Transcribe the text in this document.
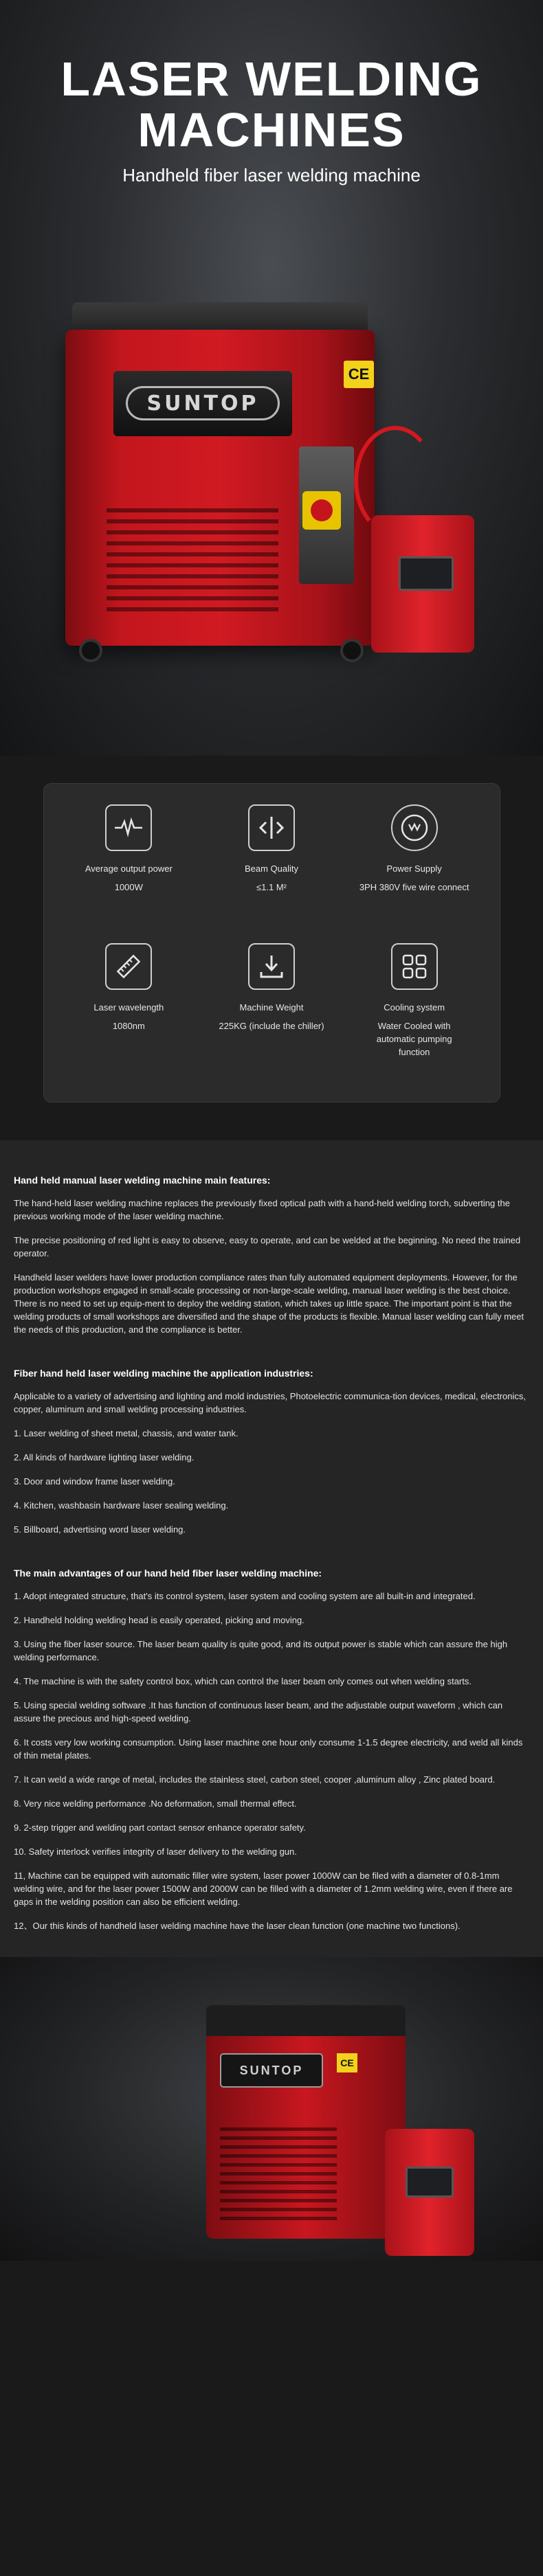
LASER WELDING
MACHINES
Handheld fiber laser welding machine
SUNTOP
CE
Average output power
1000W
Beam Quality
≤1.1 M²
Power Supply
3PH 380V five wire connect
Laser wavelength
1080nm
Machine Weight
225KG (include the chiller)
Cooling system
Water Cooled with automatic pumping function
Hand held manual laser welding machine main features:

The hand-held laser welding machine replaces the previously fixed optical path with a hand-held welding torch, subverting the previous working mode of the laser welding machine.

The precise positioning of red light is easy to observe, easy to operate, and can be welded at the beginning. No need the trained operator.

Handheld laser welders have lower production compliance rates than fully automated equipment deployments. However, for the production workshops engaged in small-scale processing or non-large-scale welding, manual laser welding is the best choice. There is no need to set up equip-ment to deploy the welding station, which takes up little space. The important point is that the welding products of small workshops are diversified and the shape of the products is flexible. Manual laser welding can fully meet the needs of this production, and the compliance is better.

Fiber hand held laser welding machine the application industries:

Applicable to a variety of advertising and lighting and mold industries, Photoelectric communica-tion devices, medical, electronics, copper, aluminum and small welding processing industries.

1. Laser welding of sheet metal, chassis, and water tank.

2. All kinds of hardware lighting laser welding.

3. Door and window frame laser welding.

4. Kitchen, washbasin hardware laser sealing welding.

5. Billboard, advertising word laser welding.

The main advantages of our hand held fiber laser welding machine:

1. Adopt integrated structure, that's its control system, laser system and cooling system are all built-in and integrated.

2. Handheld holding welding head is easily operated, picking and moving.

3. Using the fiber laser source. The laser beam quality is quite good, and its output power is stable which can assure the high welding performance.

4. The machine is with the safety control box, which can control the laser beam only comes out when welding starts.

5. Using special welding software .It has function of continuous laser beam, and the adjustable output waveform , which can assure the precious and high-speed welding.

6. It costs very low working consumption. Using laser machine one hour only consume 1-1.5 degree electricity, and weld all kinds of thin metal plates.

7. It can weld a wide range of metal, includes the stainless steel, carbon steel, cooper ,aluminum alloy , Zinc plated board.

8. Very nice welding performance .No deformation, small thermal effect.

9. 2-step trigger and welding part contact sensor enhance operator safety.

10. Safety interlock verifies integrity of laser delivery to the welding gun.

11, Machine can be equipped with automatic filler wire system, laser power 1000W can be filed with a diameter of 0.8-1mm welding wire, and for the laser power 1500W and 2000W can be filled with a diameter of 1.2mm welding wire, even if there are gaps in the welding position can also be efficient welding.

12、Our this kinds of handheld laser welding machine have the laser clean function (one machine two functions).

SUNTOP
CE
